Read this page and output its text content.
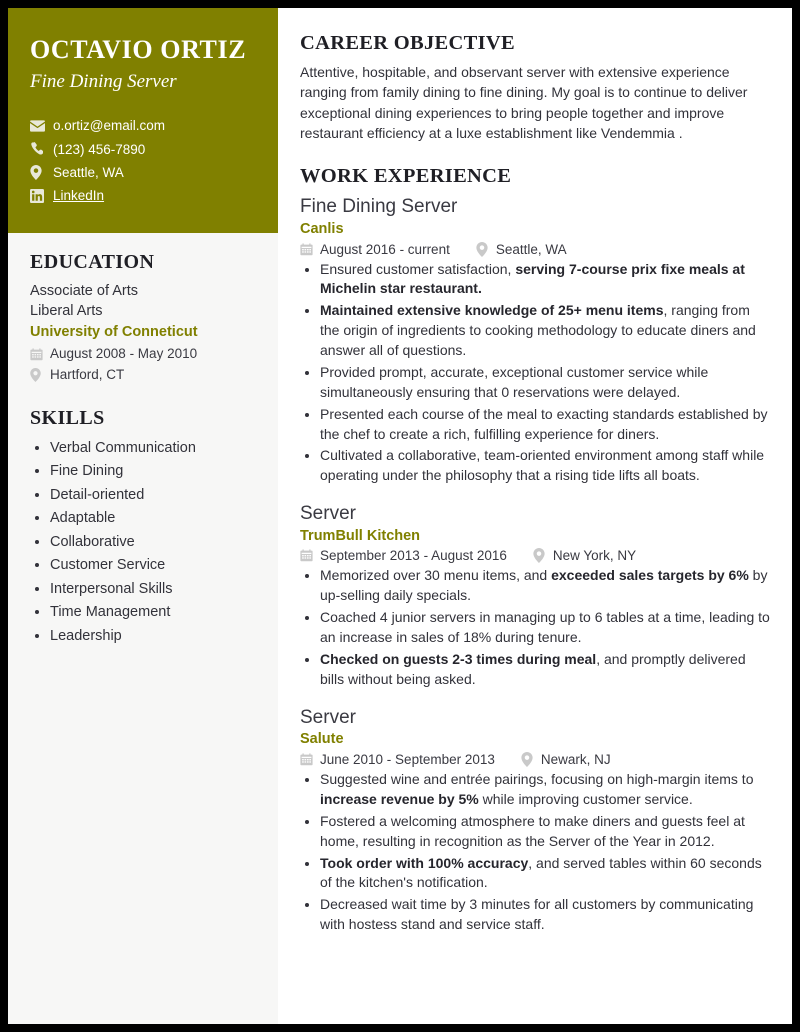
OCTAVIO ORTIZ
Fine Dining Server
o.ortiz@email.com
(123) 456-7890
Seattle, WA
LinkedIn
EDUCATION
Associate of Arts
Liberal Arts
University of Conneticut
August 2008 - May 2010
Hartford, CT
SKILLS
• Verbal Communication
• Fine Dining
• Detail-oriented
• Adaptable
• Collaborative
• Customer Service
• Interpersonal Skills
• Time Management
• Leadership
CAREER OBJECTIVE

Attentive, hospitable, and observant server with extensive experience ranging from family dining to fine dining. My goal is to continue to deliver exceptional dining experiences to bring people together and improve restaurant efficiency at a luxe establishment like Vendemmia .

WORK EXPERIENCE
Fine Dining Server
Canlis
August 2016 - current	Seattle, WA
• Ensured customer satisfaction, serving 7-course prix fixe meals at Michelin star restaurant.
• Maintained extensive knowledge of 25+ menu items, ranging from the origin of ingredients to cooking methodology to educate diners and answer all of questions.
• Provided prompt, accurate, exceptional customer service while simultaneously ensuring that 0 reservations were delayed.
• Presented each course of the meal to exacting standards established by the chef to create a rich, fulfilling experience for diners.
• Cultivated a collaborative, team-oriented environment among staff while operating under the philosophy that a rising tide lifts all boats.
Server
TrumBull Kitchen
September 2013 - August 2016	New York, NY
• Memorized over 30 menu items, and exceeded sales targets by 6% by up-selling daily specials.
• Coached 4 junior servers in managing up to 6 tables at a time, leading to an increase in sales of 18% during tenure.
• Checked on guests 2-3 times during meal, and promptly delivered bills without being asked.
Server
Salute
June 2010 - September 2013	Newark, NJ
• Suggested wine and entrée pairings, focusing on high-margin items to increase revenue by 5% while improving customer service.
• Fostered a welcoming atmosphere to make diners and guests feel at home, resulting in recognition as the Server of the Year in 2012.
• Took order with 100% accuracy, and served tables within 60 seconds of the kitchen's notification.
• Decreased wait time by 3 minutes for all customers by communicating with hostess stand and service staff.
